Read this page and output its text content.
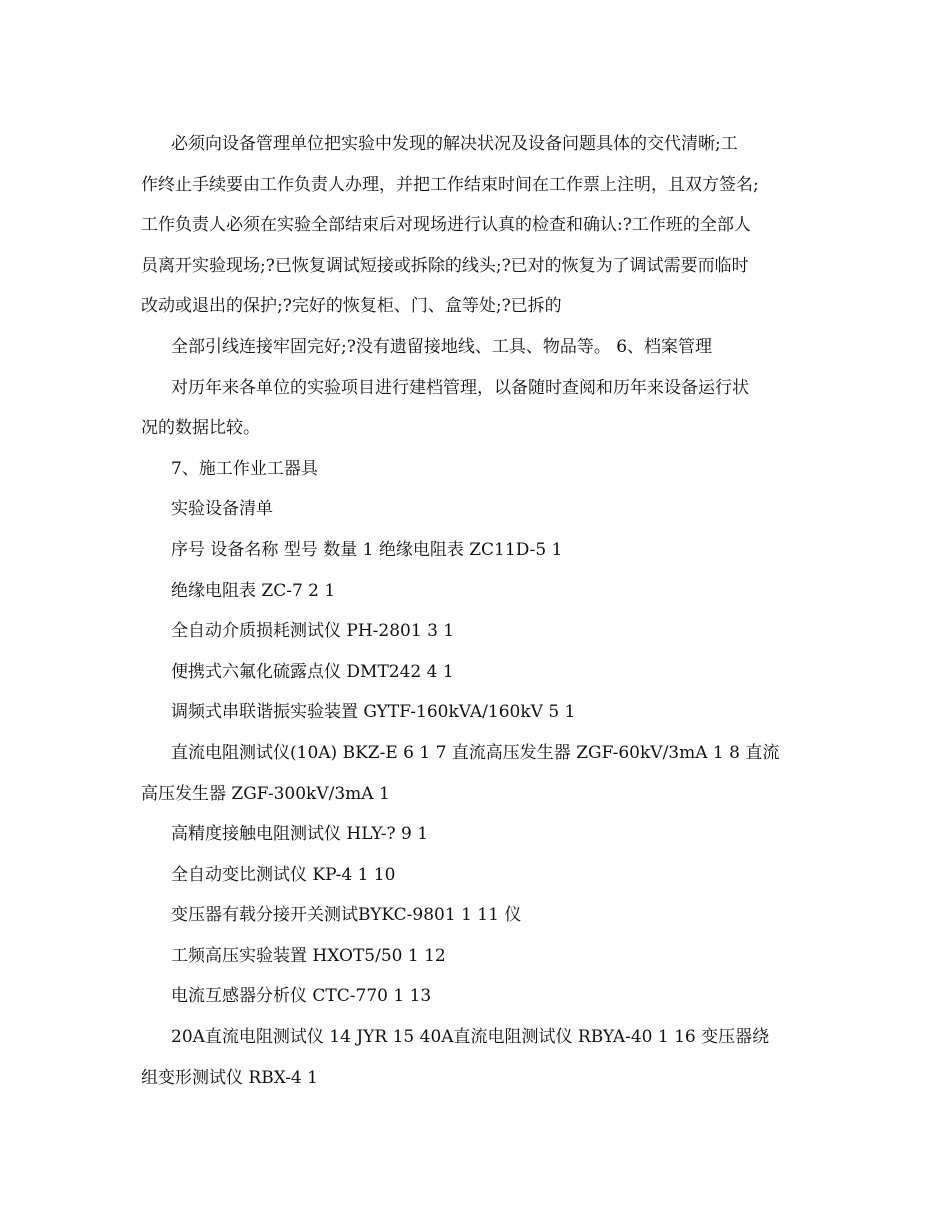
必须向设备管理单位把实验中发现的解决状况及设备问题具体的交代清晰;工

作终止手续要由工作负责人办理，并把工作结束时间在工作票上注明，且双方签名;

工作负责人必须在实验全部结束后对现场进行认真的检查和确认:?工作班的全部人

员离开实验现场;?已恢复调试短接或拆除的线头;?已对的恢复为了调试需要而临时

改动或退出的保护;?完好的恢复柜、门、盒等处;?已拆的

全部引线连接牢固完好;?没有遗留接地线、工具、物品等。 6、档案管理

对历年来各单位的实验项目进行建档管理，以备随时查阅和历年来设备运行状

况的数据比较。

7、施工作业工器具

实验设备清单

序号 设备名称 型号 数量 1 绝缘电阻表 ZC11D-5 1

绝缘电阻表 ZC-7 2 1

全自动介质损耗测试仪 PH-2801 3 1

便携式六氟化硫露点仪 DMT242 4 1

调频式串联谐振实验装置 GYTF-160kVA/160kV 5 1

直流电阻测试仪(10A) BKZ-E 6 1 7 直流高压发生器 ZGF-60kV/3mA 1 8 直流

高压发生器 ZGF-300kV/3mA 1

高精度接触电阻测试仪 HLY-? 9 1

全自动变比测试仪 KP-4 1 10

变压器有载分接开关测试BYKC-9801 1 11 仪

工频高压实验装置 HXOT5/50 1 12

电流互感器分析仪 CTC-770 1 13

20A直流电阻测试仪 14 JYR 15 40A直流电阻测试仪 RBYA-40 1 16 变压器绕

组变形测试仪 RBX-4 1
